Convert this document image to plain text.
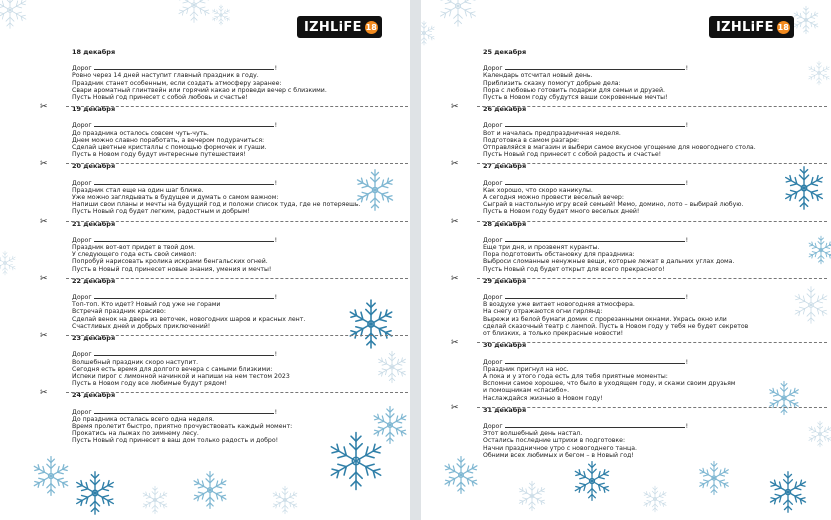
IZHLiFE 18
18 декабря
Дорог	!
Ровно через 14 дней наступит главный праздник в году.
Праздник станет особенным, если создать атмосферу заранее:
Свари ароматный глинтвейн или горячий какао и проведи вечер с близкими.
Пусть Новый год принесет с собой любовь и счастье!
✂	19 декабря
Дорог	!
До праздника осталось совсем чуть-чуть.
Днем можно славно поработать, а вечером подурачиться:
Сделай цветные кристаллы с помощью формочек и гуаши.
Пусть в Новом году будут интересные путешествия!
✂	20 декабря
Дорог	!
Праздник стал еще на один шаг ближе.
Уже можно заглядывать в будущее и думать о самом важном:
Напиши свои планы и мечты на будущий год и положи список туда, где не потеряешь.
Пусть Новый год будет легким, радостным и добрым!
✂	21 декабря
Дорог	!
Праздник вот-вот придет в твой дом.
У следующего года есть свой символ:
Попробуй нарисовать кролика искрами бенгальских огней.
Пусть в Новый год принесет новые знания, умения и мечты!
✂	22 декабря
Дорог	!
Топ-топ. Кто идет? Новый год уже не горами
Встречай праздник красиво:
Сделай венок на дверь из веточек, новогодних шаров и красных лент.
Счастливых дней и добрых приключений!
✂	23 декабря
Дорог	!
Волшебный праздник скоро наступит.
Сегодня есть время для долгого вечера с самыми близкими:
Испеки пирог с лимонной начинкой и напиши на нем тестом 2023
Пусть в Новом году все любимые будут рядом!
✂	24 декабря
Дорог	!
До праздника осталась всего одна неделя.
Время пролетит быстро, приятно прочувствовать каждый момент:
Прокатись на лыжах по зимнему лесу.
Пусть Новый год принесет в ваш дом только радость и добро!
IZHLiFE 18
25 декабря
Дорог	!
Календарь отсчитал новый день.
Приблизить сказку помогут добрые дела:
Пора с любовью готовить подарки для семьи и друзей.
Пусть в Новом году сбудутся ваши сокровенные мечты!
✂	26 декабря
Дорог	!
Вот и началась предпраздничная неделя.
Подготовка в самом разгаре:
Отправляйся в магазин и выбери самое вкусное угощение для новогоднего стола.
Пусть Новый год принесет с собой радость и счастье!
✂	27 декабря
Дорог	!
Как хорошо, что скоро каникулы.
А сегодня можно провести веселый вечер:
Сыграй в настольную игру всей семьей! Мемо, домино, лото – выбирай любую.
Пусть в Новом году будет много веселых дней!
✂	28 декабря
Дорог	!
Еще три дня, и прозвенят куранты.
Пора подготовить обстановку для праздника:
Выброси сломанные ненужные вещи, которые лежат в дальних углах дома.
Пусть Новый год будет открыт для всего прекрасного!
✂	29 декабря
Дорог	!
В воздухе уже витает новогодняя атмосфера.
На снегу отражаются огни гирлянд:
Вырежи из белой бумаги домик с прорезанными окнами. Укрась окно или
сделай сказочный театр с лампой. Пусть в Новом году у тебя не будет секретов
от близких, а только прекрасные новости!
✂	30 декабря
Дорог	!
Праздник пригнул на нос.
А пока и у этого года есть для тебя приятные моменты:
Вспомни самое хорошее, что было в уходящем году, и скажи своим друзьям
и помощникам «спасибо».
Наслаждайся жизнью в Новом году!
✂	31 декабря
Дорог	!
Этот волшебный день настал.
Остались последние штрихи в подготовке:
Начни праздничное утро с новогоднего танца.
Обними всех любимых и бегом – в Новый год!
